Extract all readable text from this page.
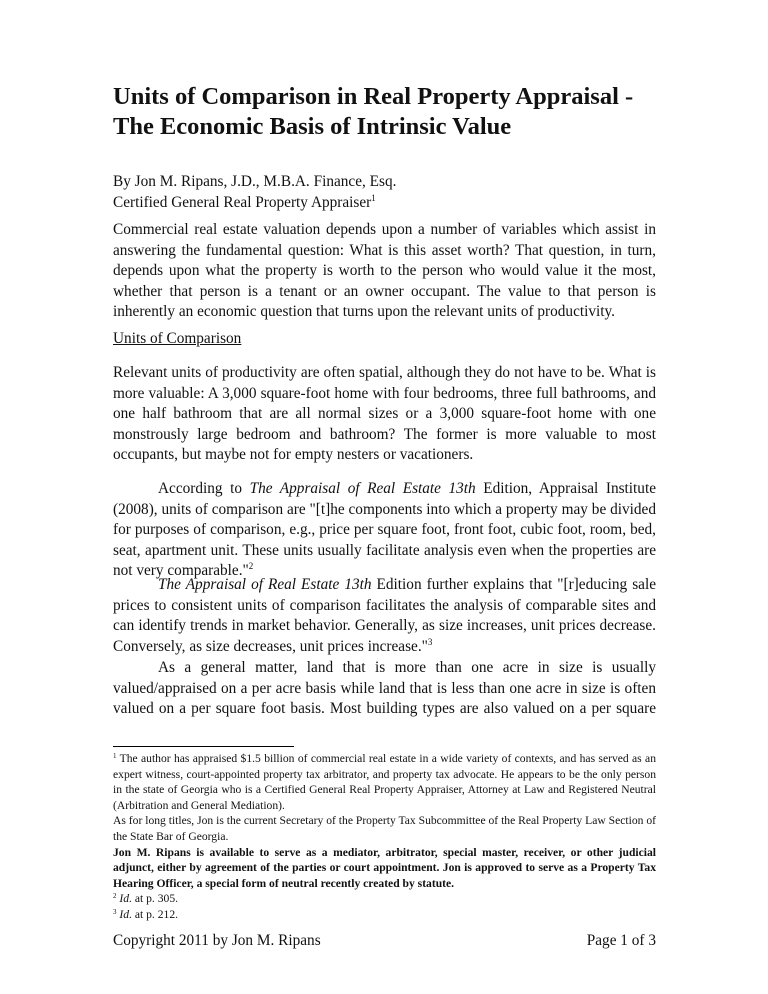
Units of Comparison in Real Property Appraisal -
The Economic Basis of Intrinsic Value
By Jon M. Ripans, J.D., M.B.A. Finance, Esq.
Certified General Real Property Appraiser$^1$

Commercial real estate valuation depends upon a number of variables which assist in answering the fundamental question: What is this asset worth? That question, in turn, depends upon what the property is worth to the person who would value it the most, whether that person is a tenant or an owner occupant. The value to that person is inherently an economic question that turns upon the relevant units of productivity.

Units of Comparison

Relevant units of productivity are often spatial, although they do not have to be. What is more valuable: A 3,000 square-foot home with four bedrooms, three full bathrooms, and one half bathroom that are all normal sizes or a 3,000 square-foot home with one monstrously large bedroom and bathroom? The former is more valuable to most occupants, but maybe not for empty nesters or vacationers.

According to The Appraisal of Real Estate 13th Edition, Appraisal Institute (2008), units of comparison are "[t]he components into which a property may be divided for purposes of comparison, e.g., price per square foot, front foot, cubic foot, room, bed, seat, apartment unit. These units usually facilitate analysis even when the properties are not very comparable."$^2$

The Appraisal of Real Estate 13th Edition further explains that "[r]educing sale prices to consistent units of comparison facilitates the analysis of comparable sites and can identify trends in market behavior. Generally, as size increases, unit prices decrease. Conversely, as size decreases, unit prices increase."$^3$

As a general matter, land that is more than one acre in size is usually valued/appraised on a per acre basis while land that is less than one acre in size is often valued on a per square foot basis. Most building types are also valued on a per square

$^1$ The author has appraised $1.5 billion of commercial real estate in a wide variety of contexts, and has served as an expert witness, court-appointed property tax arbitrator, and property tax advocate. He appears to be the only person in the state of Georgia who is a Certified General Real Property Appraiser, Attorney at Law and Registered Neutral (Arbitration and General Mediation).

As for long titles, Jon is the current Secretary of the Property Tax Subcommittee of the Real Property Law Section of the State Bar of Georgia.

Jon M. Ripans is available to serve as a mediator, arbitrator, special master, receiver, or other judicial adjunct, either by agreement of the parties or court appointment. Jon is approved to serve as a Property Tax Hearing Officer, a special form of neutral recently created by statute.

$^2$ Id. at p. 305.

$^3$ Id. at p. 212.

Copyright 2011 by Jon M. Ripans	Page 1 of 3
